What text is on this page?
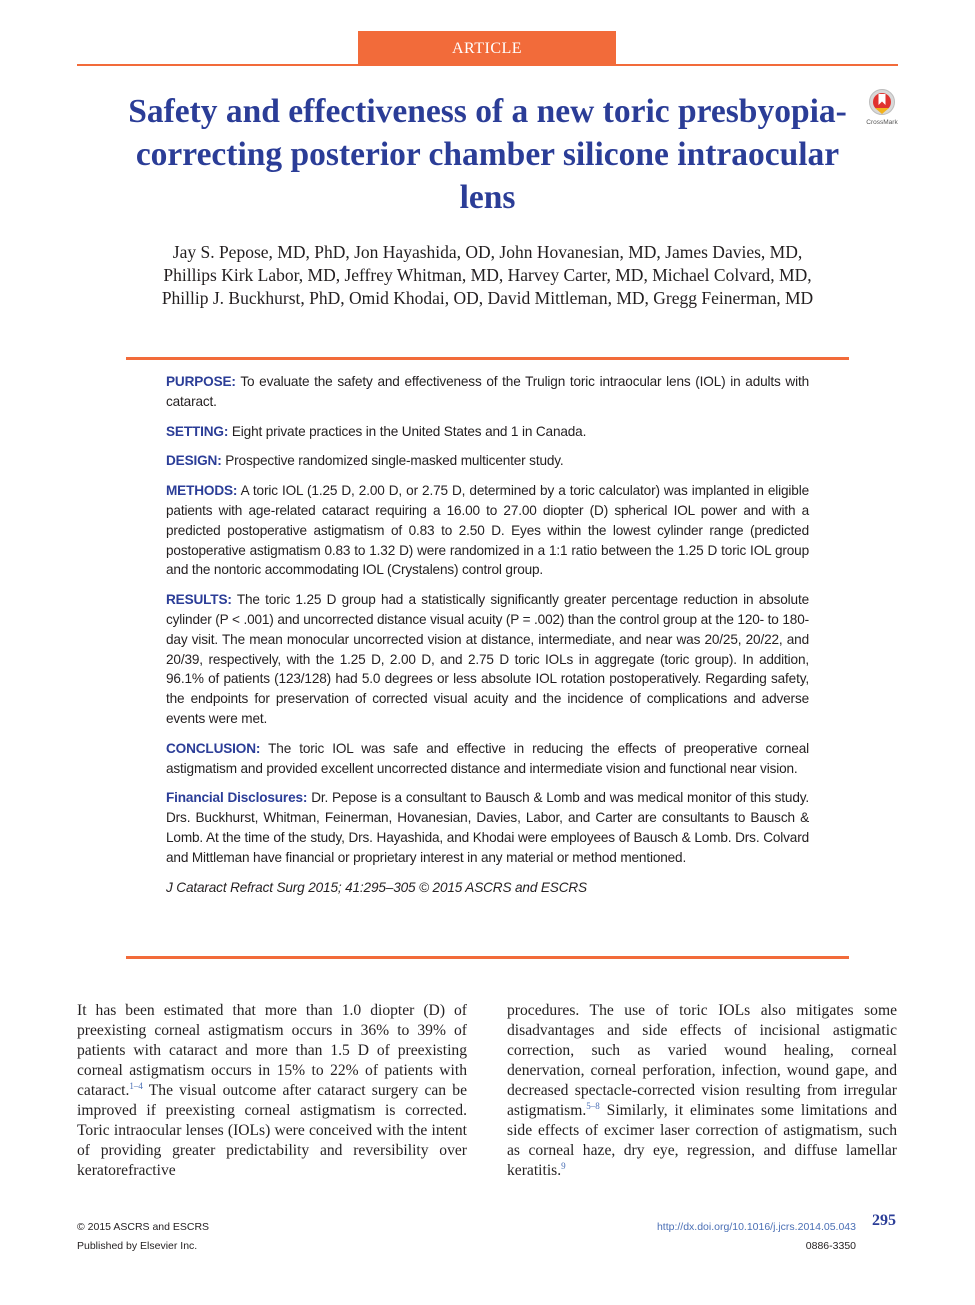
ARTICLE
Safety and effectiveness of a new toric presbyopia-correcting posterior chamber silicone intraocular lens
CrossMark
Jay S. Pepose, MD, PhD, Jon Hayashida, OD, John Hovanesian, MD, James Davies, MD,
Phillips Kirk Labor, MD, Jeffrey Whitman, MD, Harvey Carter, MD, Michael Colvard, MD,
Phillip J. Buckhurst, PhD, Omid Khodai, OD, David Mittleman, MD, Gregg Feinerman, MD

PURPOSE: To evaluate the safety and effectiveness of the Trulign toric intraocular lens (IOL) in adults with cataract.

SETTING: Eight private practices in the United States and 1 in Canada.

DESIGN: Prospective randomized single-masked multicenter study.

METHODS: A toric IOL (1.25 D, 2.00 D, or 2.75 D, determined by a toric calculator) was implanted in eligible patients with age-related cataract requiring a 16.00 to 27.00 diopter (D) spherical IOL power and with a predicted postoperative astigmatism of 0.83 to 2.50 D. Eyes within the lowest cylinder range (predicted postoperative astigmatism 0.83 to 1.32 D) were randomized in a 1:1 ratio between the 1.25 D toric IOL group and the nontoric accommodating IOL (Crystalens) control group.

RESULTS: The toric 1.25 D group had a statistically significantly greater percentage reduction in absolute cylinder (P < .001) and uncorrected distance visual acuity (P = .002) than the control group at the 120- to 180-day visit. The mean monocular uncorrected vision at distance, intermediate, and near was 20/25, 20/22, and 20/39, respectively, with the 1.25 D, 2.00 D, and 2.75 D toric IOLs in aggregate (toric group). In addition, 96.1% of patients (123/128) had 5.0 degrees or less absolute IOL rotation postoperatively. Regarding safety, the endpoints for preservation of corrected visual acuity and the incidence of complications and adverse events were met.

CONCLUSION: The toric IOL was safe and effective in reducing the effects of preoperative corneal astigmatism and provided excellent uncorrected distance and intermediate vision and functional near vision.

Financial Disclosures: Dr. Pepose is a consultant to Bausch & Lomb and was medical monitor of this study. Drs. Buckhurst, Whitman, Feinerman, Hovanesian, Davies, Labor, and Carter are consultants to Bausch & Lomb. At the time of the study, Drs. Hayashida, and Khodai were employees of Bausch & Lomb. Drs. Colvard and Mittleman have financial or proprietary interest in any material or method mentioned.

J Cataract Refract Surg 2015; 41:295–305 © 2015 ASCRS and ESCRS

It has been estimated that more than 1.0 diopter (D) of preexisting corneal astigmatism occurs in 36% to 39% of patients with cataract and more than 1.5 D of preexisting corneal astigmatism occurs in 15% to 22% of patients with cataract.$^{1-4}$ The visual outcome after cataract surgery can be improved if preexisting corneal astigmatism is corrected. Toric intraocular lenses (IOLs) were conceived with the intent of providing greater predictability and reversibility over keratorefractive

procedures. The use of toric IOLs also mitigates some disadvantages and side effects of incisional astigmatic correction, such as varied wound healing, corneal denervation, corneal perforation, infection, wound gape, and decreased spectacle-corrected vision resulting from irregular astigmatism.$^{5-8}$ Similarly, it eliminates some limitations and side effects of excimer laser correction of astigmatism, such as corneal haze, dry eye, regression, and diffuse lamellar keratitis.$^9$

© 2015 ASCRS and ESCRS
Published by Elsevier Inc.
http://dx.doi.org/10.1016/j.jcrs.2014.05.043
0886-3350
295
